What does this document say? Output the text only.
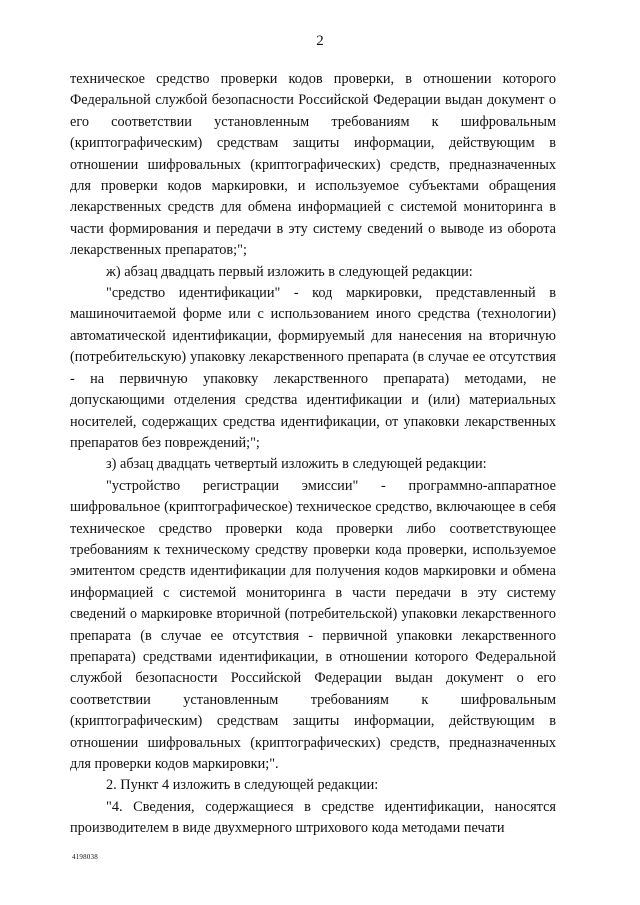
2

техническое средство проверки кодов проверки, в отношении которого Федеральной службой безопасности Российской Федерации выдан документ о его соответствии установленным требованиям к шифровальным (криптографическим) средствам защиты информации, действующим в отношении шифровальных (криптографических) средств, предназначенных для проверки кодов маркировки, и используемое субъектами обращения лекарственных средств для обмена информацией с системой мониторинга в части формирования и передачи в эту систему сведений о выводе из оборота лекарственных препаратов;";

ж) абзац двадцать первый изложить в следующей редакции:

"средство идентификации" - код маркировки, представленный в машиночитаемой форме или с использованием иного средства (технологии) автоматической идентификации, формируемый для нанесения на вторичную (потребительскую) упаковку лекарственного препарата (в случае ее отсутствия - на первичную упаковку лекарственного препарата) методами, не допускающими отделения средства идентификации и (или) материальных носителей, содержащих средства идентификации, от упаковки лекарственных препаратов без повреждений;";

з) абзац двадцать четвертый изложить в следующей редакции:

"устройство регистрации эмиссии" - программно-аппаратное шифровальное (криптографическое) техническое средство, включающее в себя техническое средство проверки кода проверки либо соответствующее требованиям к техническому средству проверки кода проверки, используемое эмитентом средств идентификации для получения кодов маркировки и обмена информацией с системой мониторинга в части передачи в эту систему сведений о маркировке вторичной (потребительской) упаковки лекарственного препарата (в случае ее отсутствия - первичной упаковки лекарственного препарата) средствами идентификации, в отношении которого Федеральной службой безопасности Российской Федерации выдан документ о его соответствии установленным требованиям к шифровальным (криптографическим) средствам защиты информации, действующим в отношении шифровальных (криптографических) средств, предназначенных для проверки кодов маркировки;".

2. Пункт 4 изложить в следующей редакции:

"4. Сведения, содержащиеся в средстве идентификации, наносятся производителем в виде двухмерного штрихового кода методами печати

4198038
